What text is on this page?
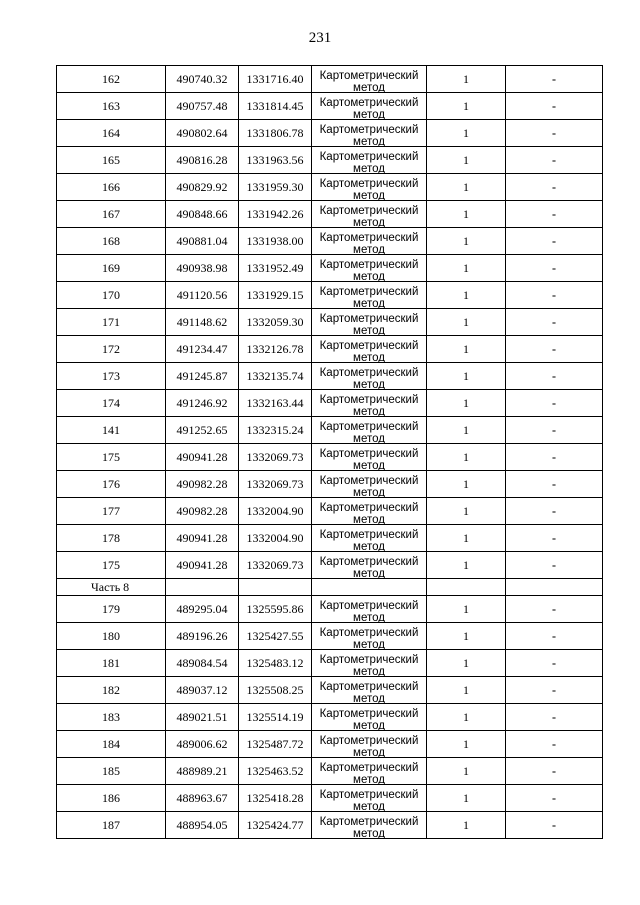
231
162	490740.32	1331716.40	Картометрический метод	1	-
163	490757.48	1331814.45	Картометрический метод	1	-
164	490802.64	1331806.78	Картометрический метод	1	-
165	490816.28	1331963.56	Картометрический метод	1	-
166	490829.92	1331959.30	Картометрический метод	1	-
167	490848.66	1331942.26	Картометрический метод	1	-
168	490881.04	1331938.00	Картометрический метод	1	-
169	490938.98	1331952.49	Картометрический метод	1	-
170	491120.56	1331929.15	Картометрический метод	1	-
171	491148.62	1332059.30	Картометрический метод	1	-
172	491234.47	1332126.78	Картометрический метод	1	-
173	491245.87	1332135.74	Картометрический метод	1	-
174	491246.92	1332163.44	Картометрический метод	1	-
141	491252.65	1332315.24	Картометрический метод	1	-
175	490941.28	1332069.73	Картометрический метод	1	-
176	490982.28	1332069.73	Картометрический метод	1	-
177	490982.28	1332004.90	Картометрический метод	1	-
178	490941.28	1332004.90	Картометрический метод	1	-
175	490941.28	1332069.73	Картометрический метод	1	-
Часть 8					
179	489295.04	1325595.86	Картометрический метод	1	-
180	489196.26	1325427.55	Картометрический метод	1	-
181	489084.54	1325483.12	Картометрический метод	1	-
182	489037.12	1325508.25	Картометрический метод	1	-
183	489021.51	1325514.19	Картометрический метод	1	-
184	489006.62	1325487.72	Картометрический метод	1	-
185	488989.21	1325463.52	Картометрический метод	1	-
186	488963.67	1325418.28	Картометрический метод	1	-
187	488954.05	1325424.77	Картометрический метод	1	-
